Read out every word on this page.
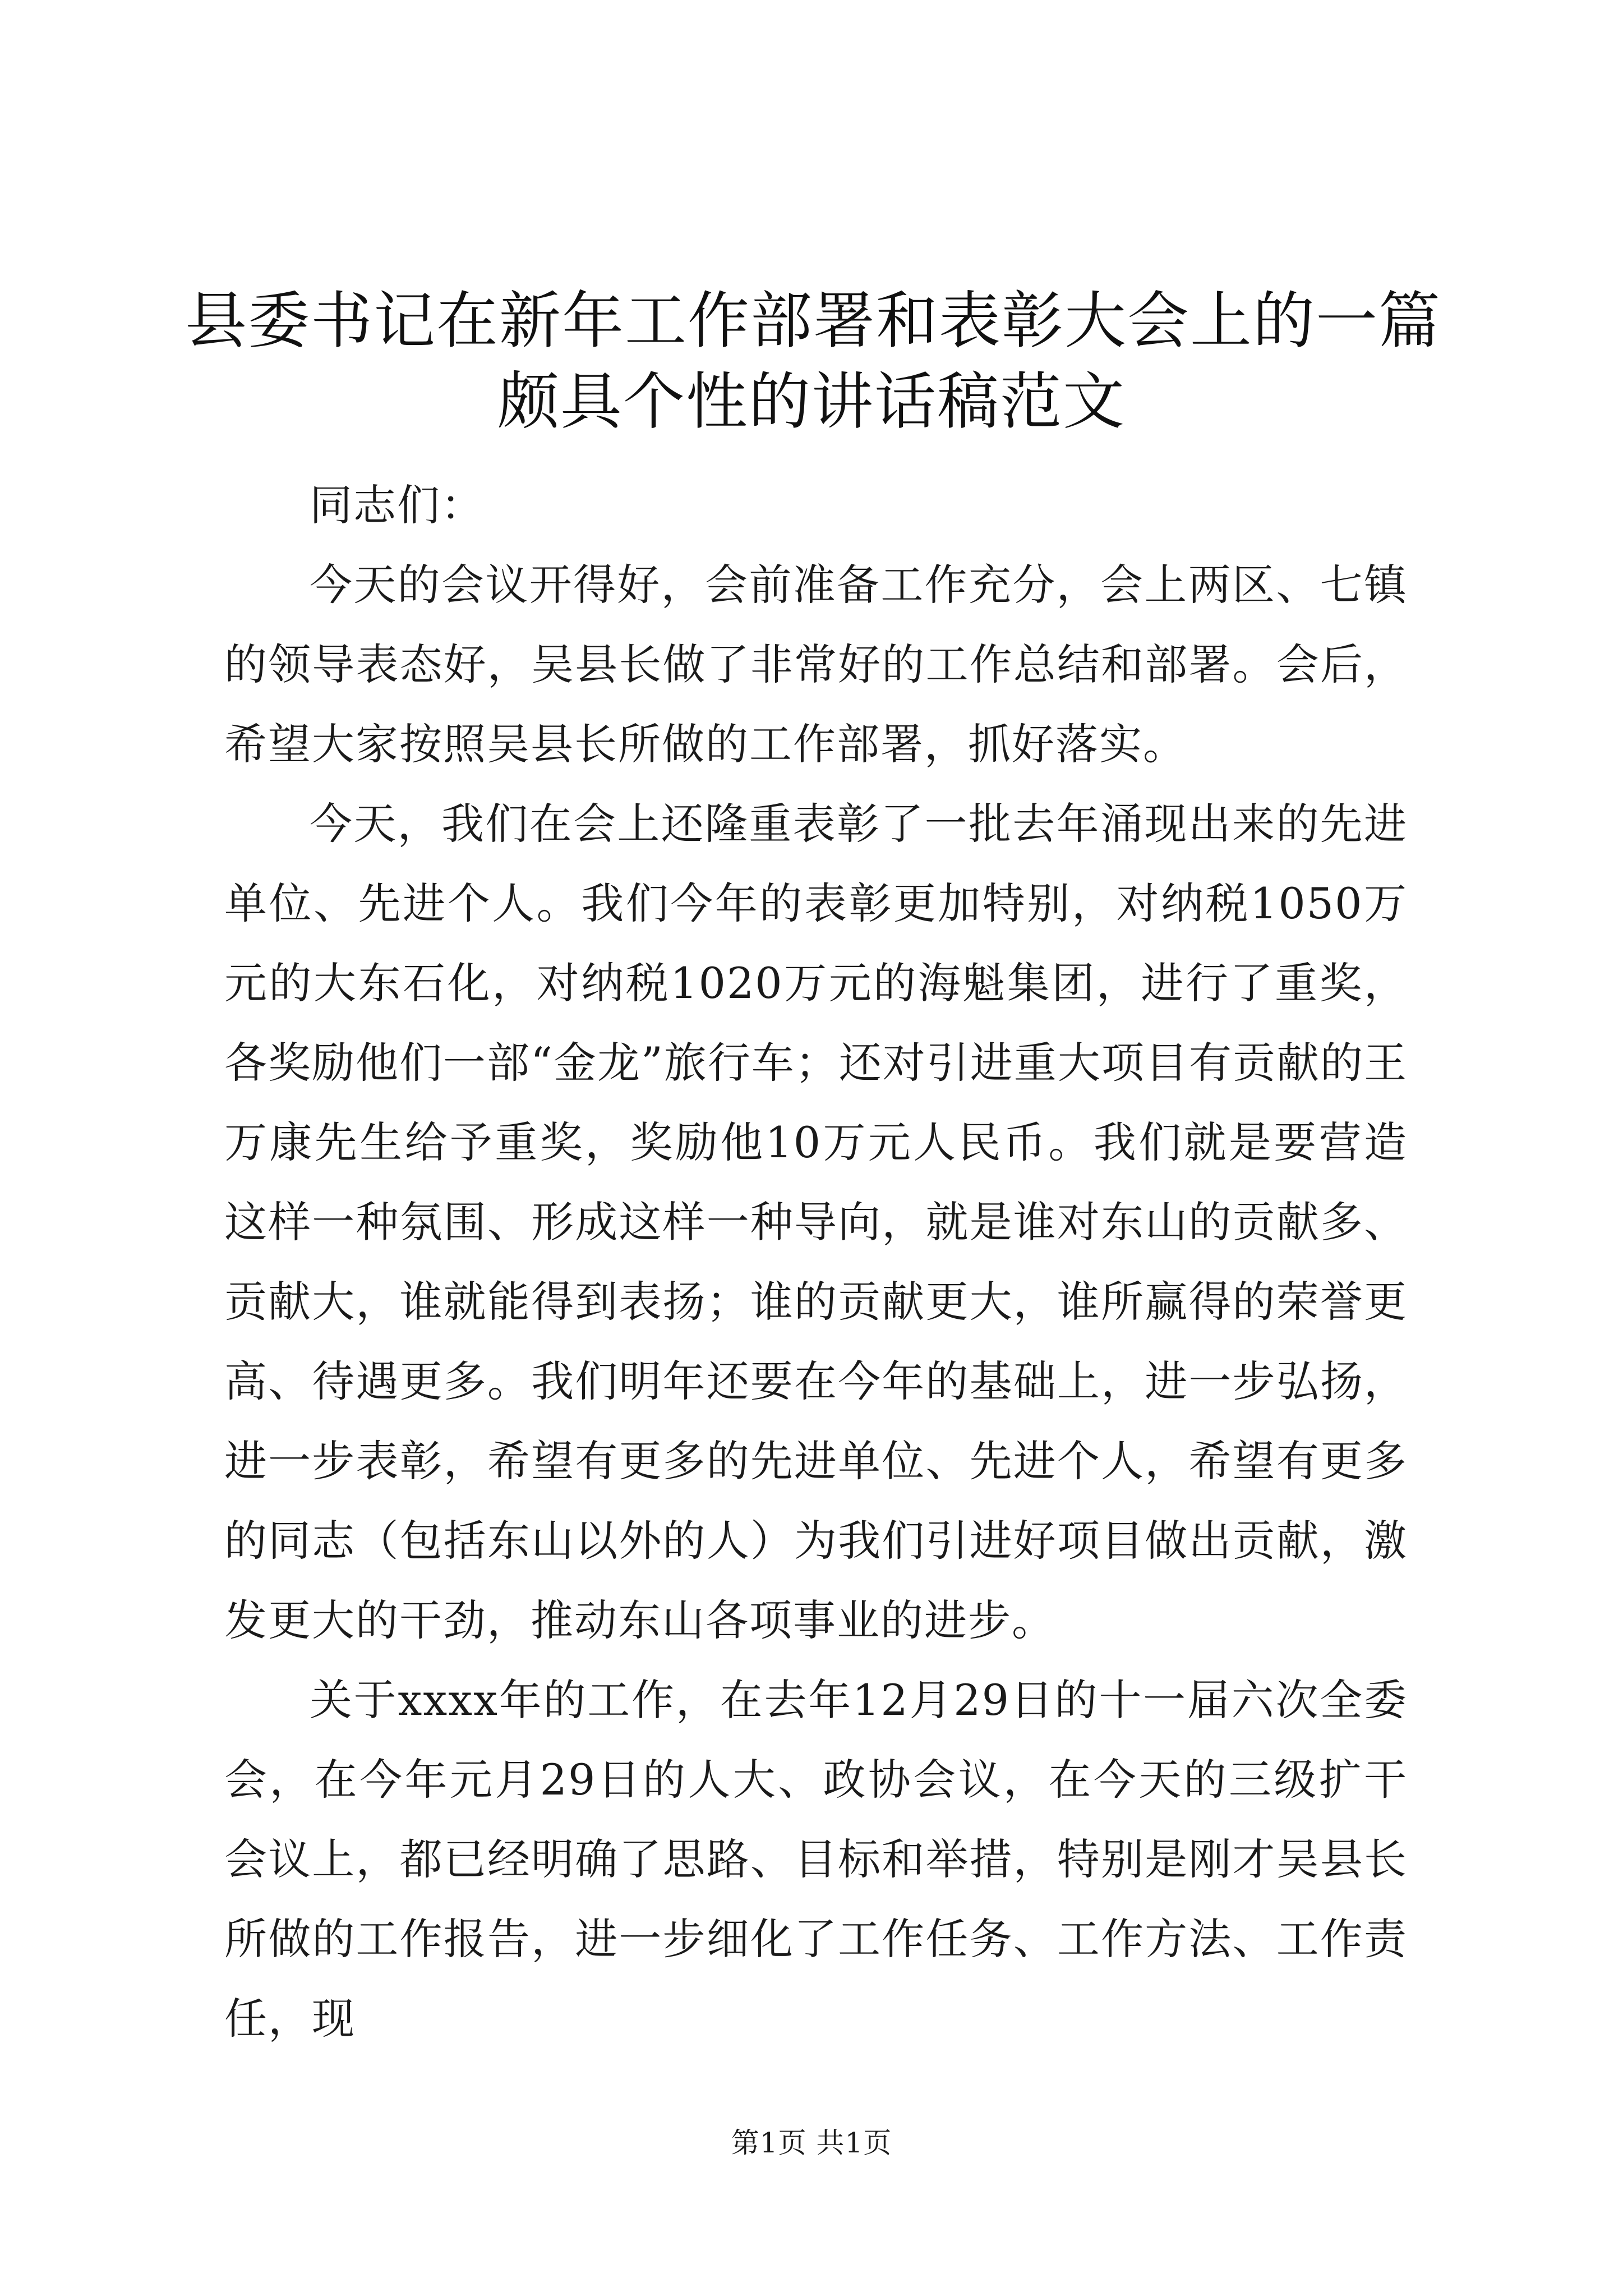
县委书记在新年工作部署和表彰大会上的一篇
颇具个性的讲话稿范文

同志们：

今天的会议开得好，会前准备工作充分，会上两区、七镇的领导表态好，吴县长做了非常好的工作总结和部署。会后，希望大家按照吴县长所做的工作部署，抓好落实。

今天，我们在会上还隆重表彰了一批去年涌现出来的先进单位、先进个人。我们今年的表彰更加特别，对纳税1050万元的大东石化，对纳税1020万元的海魁集团，进行了重奖，各奖励他们一部“金龙”旅行车；还对引进重大项目有贡献的王万康先生给予重奖，奖励他10万元人民币。我们就是要营造这样一种氛围、形成这样一种导向，就是谁对东山的贡献多、贡献大，谁就能得到表扬；谁的贡献更大，谁所赢得的荣誉更高、待遇更多。我们明年还要在今年的基础上，进一步弘扬，进一步表彰，希望有更多的先进单位、先进个人，希望有更多的同志（包括东山以外的人）为我们引进好项目做出贡献，激发更大的干劲，推动东山各项事业的进步。

关于xxxx年的工作，在去年12月29日的十一届六次全委会，在今年元月29日的人大、政协会议，在今天的三级扩干会议上，都已经明确了思路、目标和举措，特别是刚才吴县长所做的工作报告，进一步细化了工作任务、工作方法、工作责任，现

第1页 共1页
